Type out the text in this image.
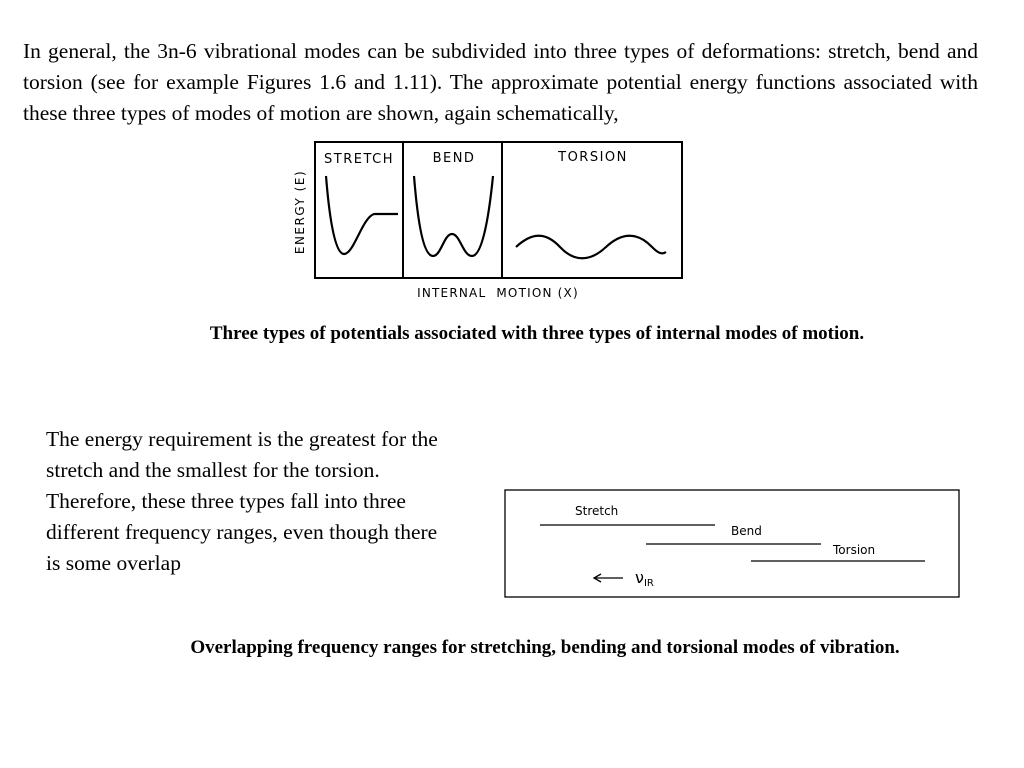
In general, the 3n-6 vibrational modes can be subdivided into three types of deformations: stretch, bend and torsion (see for example Figures 1.6 and 1.11). The approximate potential energy functions associated with these three types of modes of motion are shown, again schematically,

STRETCH	BEND	TORSION
ENERGY (E)
INTERNAL  MOTION (X)

Three types of potentials associated with three types of internal modes of motion.

The energy requirement is the greatest for the stretch and the smallest for the torsion.
Therefore, these three types fall into three different frequency ranges, even though there is some overlap
Stretch
Bend
Torsion
νIR

Overlapping frequency ranges for stretching, bending and torsional modes of vibration.
